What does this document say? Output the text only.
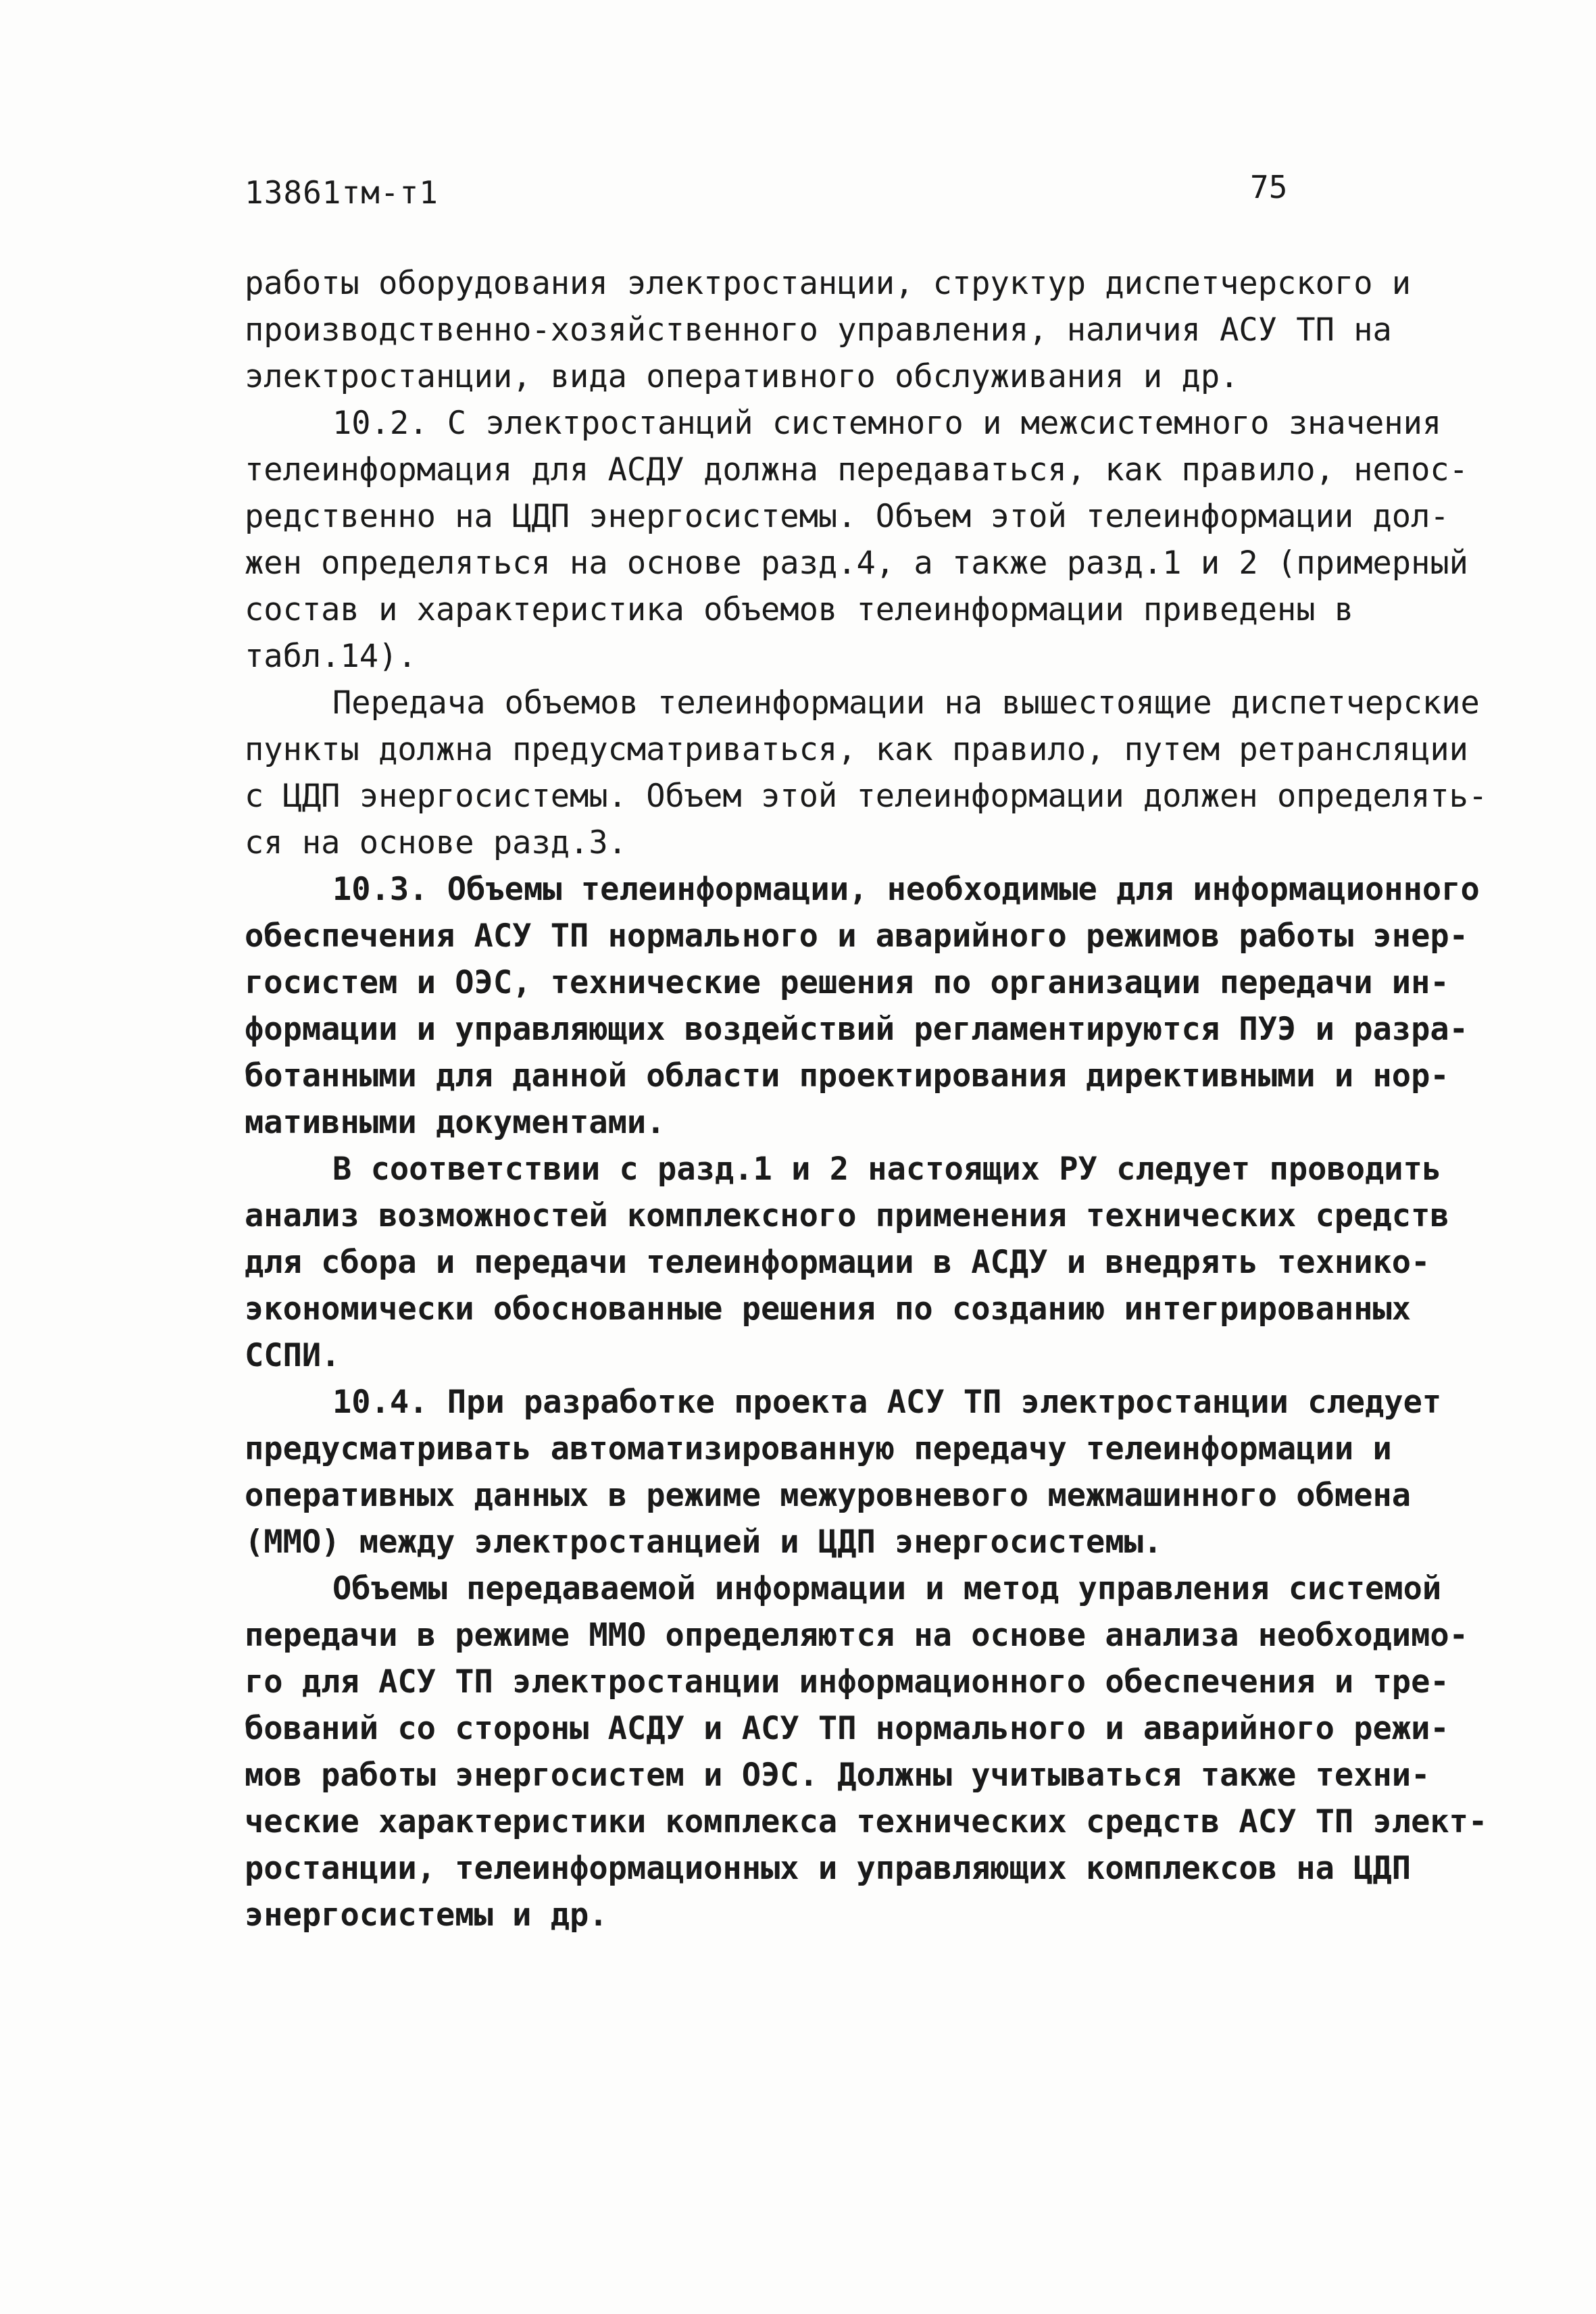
13861тм-т1	75
работы оборудования электростанции, структур диспетчерского и
производственно-хозяйственного управления, наличия АСУ ТП на
электростанции, вида оперативного обслуживания и др.
10.2. С электростанций системного и межсистемного значения
телеинформация для АСДУ должна передаваться, как правило, непос-
редственно на ЦДП энергосистемы. Объем этой телеинформации дол-
жен определяться на основе разд.4, а также разд.1 и 2 (примерный
состав и характеристика объемов телеинформации приведены в
табл.14).
Передача объемов телеинформации на вышестоящие диспетчерские
пункты должна предусматриваться, как правило, путем ретрансляции
с ЦДП энергосистемы. Объем этой телеинформации должен определять-
ся на основе разд.3.
10.3. Объемы телеинформации, необходимые для информационного
обеспечения АСУ ТП нормального и аварийного режимов работы энер-
госистем и ОЭС, технические решения по организации передачи ин-
формации и управляющих воздействий регламентируются ПУЭ и разра-
ботанными для данной области проектирования директивными и нор-
мативными документами.
В соответствии с разд.1 и 2 настоящих РУ следует проводить
анализ возможностей комплексного применения технических средств
для сбора и передачи телеинформации в АСДУ и внедрять технико-
экономически обоснованные решения по созданию интегрированных
ССПИ.
10.4. При разработке проекта АСУ ТП электростанции следует
предусматривать автоматизированную передачу телеинформации и
оперативных данных в режиме межуровневого межмашинного обмена
(ММО) между электростанцией и ЦДП энергосистемы.
Объемы передаваемой информации и метод управления системой
передачи в режиме ММО определяются на основе анализа необходимо-
го для АСУ ТП электростанции информационного обеспечения и тре-
бований со стороны АСДУ и АСУ ТП нормального и аварийного режи-
мов работы энергосистем и ОЭС. Должны учитываться также техни-
ческие характеристики комплекса технических средств АСУ ТП элект-
ростанции, телеинформационных и управляющих комплексов на ЦДП
энергосистемы и др.
